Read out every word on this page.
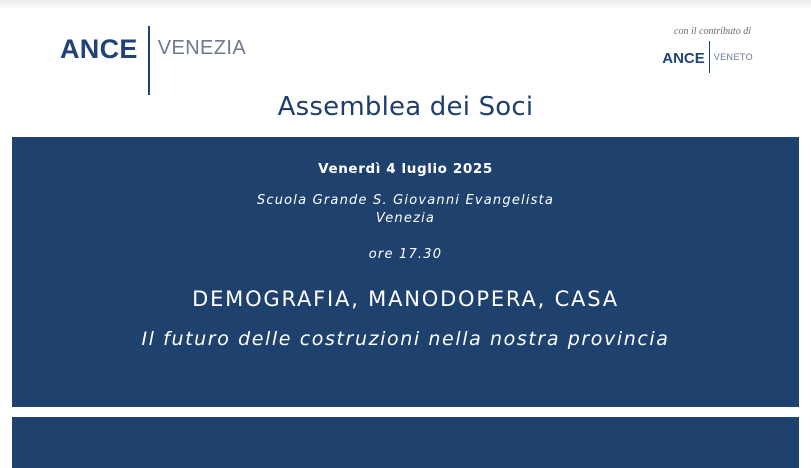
ANCE VENEZIA
con il contributo di
ANCE VENETO
Assemblea dei Soci
Venerdì 4 luglio 2025
Scuola Grande S. Giovanni Evangelista
Venezia
ore 17.30
DEMOGRAFIA, MANODOPERA, CASA
Il futuro delle costruzioni nella nostra provincia
